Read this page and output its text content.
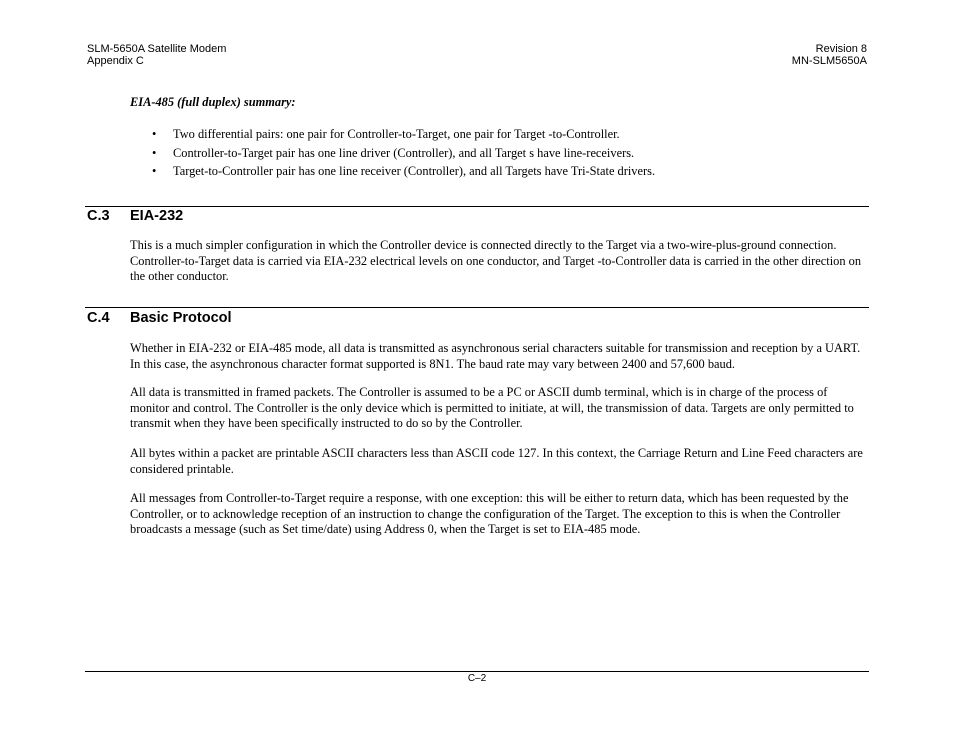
SLM-5650A Satellite Modem
Appendix C
Revision 8
MN-SLM5650A
EIA-485 (full duplex) summary:
• Two differential pairs: one pair for Controller-to-Target, one pair for Target -to-Controller.
• Controller-to-Target pair has one line driver (Controller), and all Target s have line-receivers.
• Target-to-Controller pair has one line receiver (Controller), and all Targets have Tri-State drivers.
C.3 EIA-232

This is a much simpler configuration in which the Controller device is connected directly to the Target via a two-wire-plus-ground connection. Controller-to-Target data is carried via EIA-232 electrical levels on one conductor, and Target -to-Controller data is carried in the other direction on the other conductor.

C.4 Basic Protocol

Whether in EIA-232 or EIA-485 mode, all data is transmitted as asynchronous serial characters suitable for transmission and reception by a UART. In this case, the asynchronous character format supported is 8N1. The baud rate may vary between 2400 and 57,600 baud.

All data is transmitted in framed packets. The Controller is assumed to be a PC or ASCII dumb terminal, which is in charge of the process of monitor and control. The Controller is the only device which is permitted to initiate, at will, the transmission of data. Targets are only permitted to transmit when they have been specifically instructed to do so by the Controller.

All bytes within a packet are printable ASCII characters less than ASCII code 127. In this context, the Carriage Return and Line Feed characters are considered printable.

All messages from Controller-to-Target require a response, with one exception: this will be either to return data, which has been requested by the Controller, or to acknowledge reception of an instruction to change the configuration of the Target. The exception to this is when the Controller broadcasts a message (such as Set time/date) using Address 0, when the Target is set to EIA-485 mode.

C–2
